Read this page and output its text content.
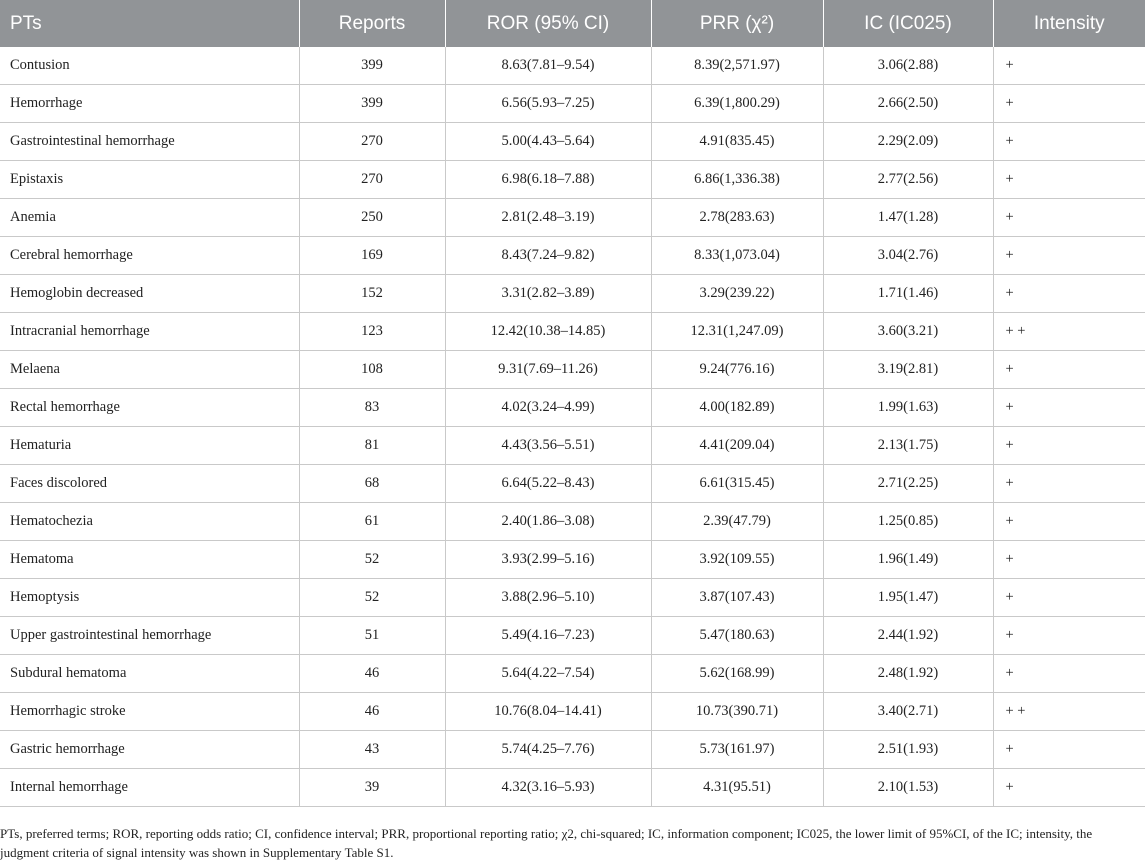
PTs	Reports	ROR (95% CI)	PRR (χ²)	IC (IC025)	Intensity
Contusion	399	8.63(7.81–9.54)	8.39(2,571.97)	3.06(2.88)	+
Hemorrhage	399	6.56(5.93–7.25)	6.39(1,800.29)	2.66(2.50)	+
Gastrointestinal hemorrhage	270	5.00(4.43–5.64)	4.91(835.45)	2.29(2.09)	+
Epistaxis	270	6.98(6.18–7.88)	6.86(1,336.38)	2.77(2.56)	+
Anemia	250	2.81(2.48–3.19)	2.78(283.63)	1.47(1.28)	+
Cerebral hemorrhage	169	8.43(7.24–9.82)	8.33(1,073.04)	3.04(2.76)	+
Hemoglobin decreased	152	3.31(2.82–3.89)	3.29(239.22)	1.71(1.46)	+
Intracranial hemorrhage	123	12.42(10.38–14.85)	12.31(1,247.09)	3.60(3.21)	+ +
Melaena	108	9.31(7.69–11.26)	9.24(776.16)	3.19(2.81)	+
Rectal hemorrhage	83	4.02(3.24–4.99)	4.00(182.89)	1.99(1.63)	+
Hematuria	81	4.43(3.56–5.51)	4.41(209.04)	2.13(1.75)	+
Faces discolored	68	6.64(5.22–8.43)	6.61(315.45)	2.71(2.25)	+
Hematochezia	61	2.40(1.86–3.08)	2.39(47.79)	1.25(0.85)	+
Hematoma	52	3.93(2.99–5.16)	3.92(109.55)	1.96(1.49)	+
Hemoptysis	52	3.88(2.96–5.10)	3.87(107.43)	1.95(1.47)	+
Upper gastrointestinal hemorrhage	51	5.49(4.16–7.23)	5.47(180.63)	2.44(1.92)	+
Subdural hematoma	46	5.64(4.22–7.54)	5.62(168.99)	2.48(1.92)	+
Hemorrhagic stroke	46	10.76(8.04–14.41)	10.73(390.71)	3.40(2.71)	+ +
Gastric hemorrhage	43	5.74(4.25–7.76)	5.73(161.97)	2.51(1.93)	+
Internal hemorrhage	39	4.32(3.16–5.93)	4.31(95.51)	2.10(1.53)	+

PTs, preferred terms; ROR, reporting odds ratio; CI, confidence interval; PRR, proportional reporting ratio; χ2, chi-squared; IC, information component; IC025, the lower limit of 95%CI, of the IC; intensity, the judgment criteria of signal intensity was shown in Supplementary Table S1.
